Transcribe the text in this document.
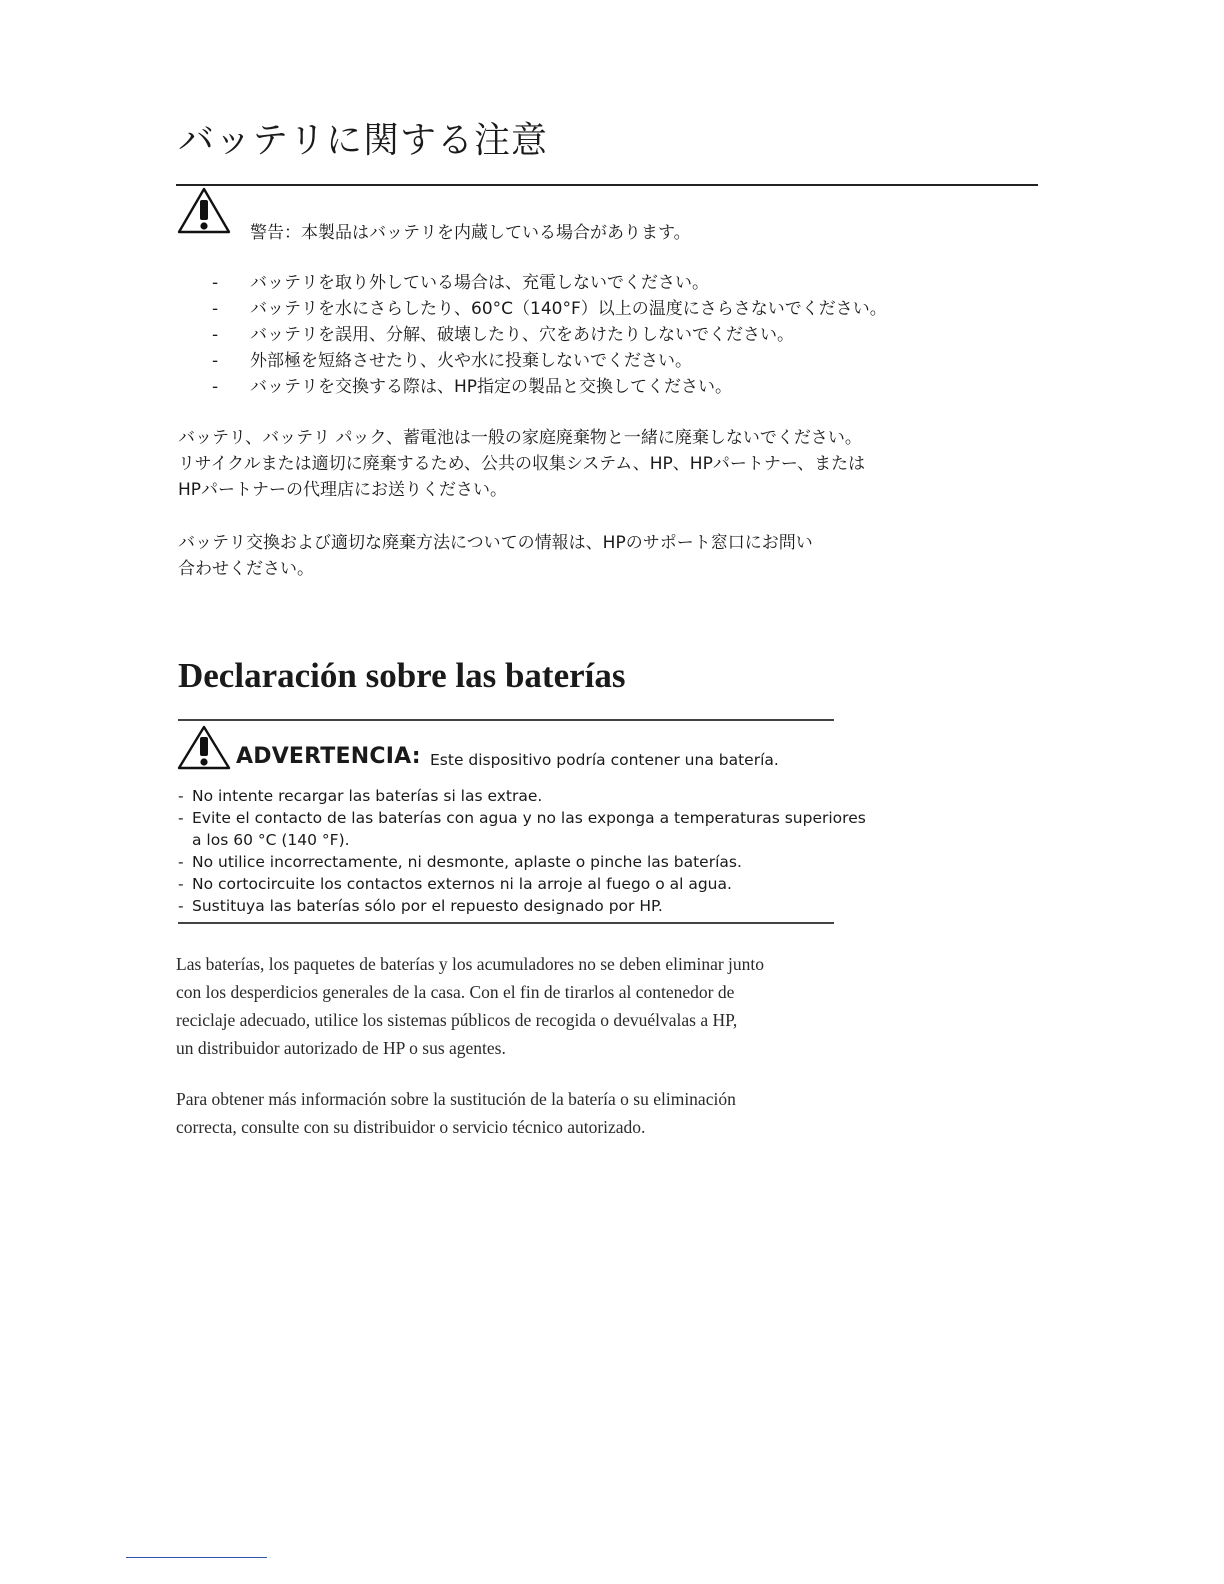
バッテリに関する注意
警告：本製品はバッテリを内蔵している場合があります。
- バッテリを取り外している場合は、充電しないでください。
- バッテリを水にさらしたり、60°C（140°F）以上の温度にさらさないでください。
- バッテリを誤用、分解、破壊したり、穴をあけたりしないでください。
- 外部極を短絡させたり、火や水に投棄しないでください。
- バッテリを交換する際は、HP指定の製品と交換してください。

バッテリ、バッテリ パック、蓄電池は一般の家庭廃棄物と一緒に廃棄しないでください。
リサイクルまたは適切に廃棄するため、公共の収集システム、HP、HPパートナー、または
HPパートナーの代理店にお送りください。

バッテリ交換および適切な廃棄方法についての情報は、HPのサポート窓口にお問い
合わせください。

Declaración sobre las baterías
ADVERTENCIA: Este dispositivo podría contener una batería.
- No intente recargar las baterías si las extrae.
- Evite el contacto de las baterías con agua y no las exponga a temperaturas superiores
a los 60 °C (140 °F).
- No utilice incorrectamente, ni desmonte, aplaste o pinche las baterías.
- No cortocircuite los contactos externos ni la arroje al fuego o al agua.
- Sustituya las baterías sólo por el repuesto designado por HP.

Las baterías, los paquetes de baterías y los acumuladores no se deben eliminar junto
con los desperdicios generales de la casa. Con el fin de tirarlos al contenedor de
reciclaje adecuado, utilice los sistemas públicos de recogida o devuélvalas a HP,
un distribuidor autorizado de HP o sus agentes.

Para obtener más información sobre la sustitución de la batería o su eliminación
correcta, consulte con su distribuidor o servicio técnico autorizado.
